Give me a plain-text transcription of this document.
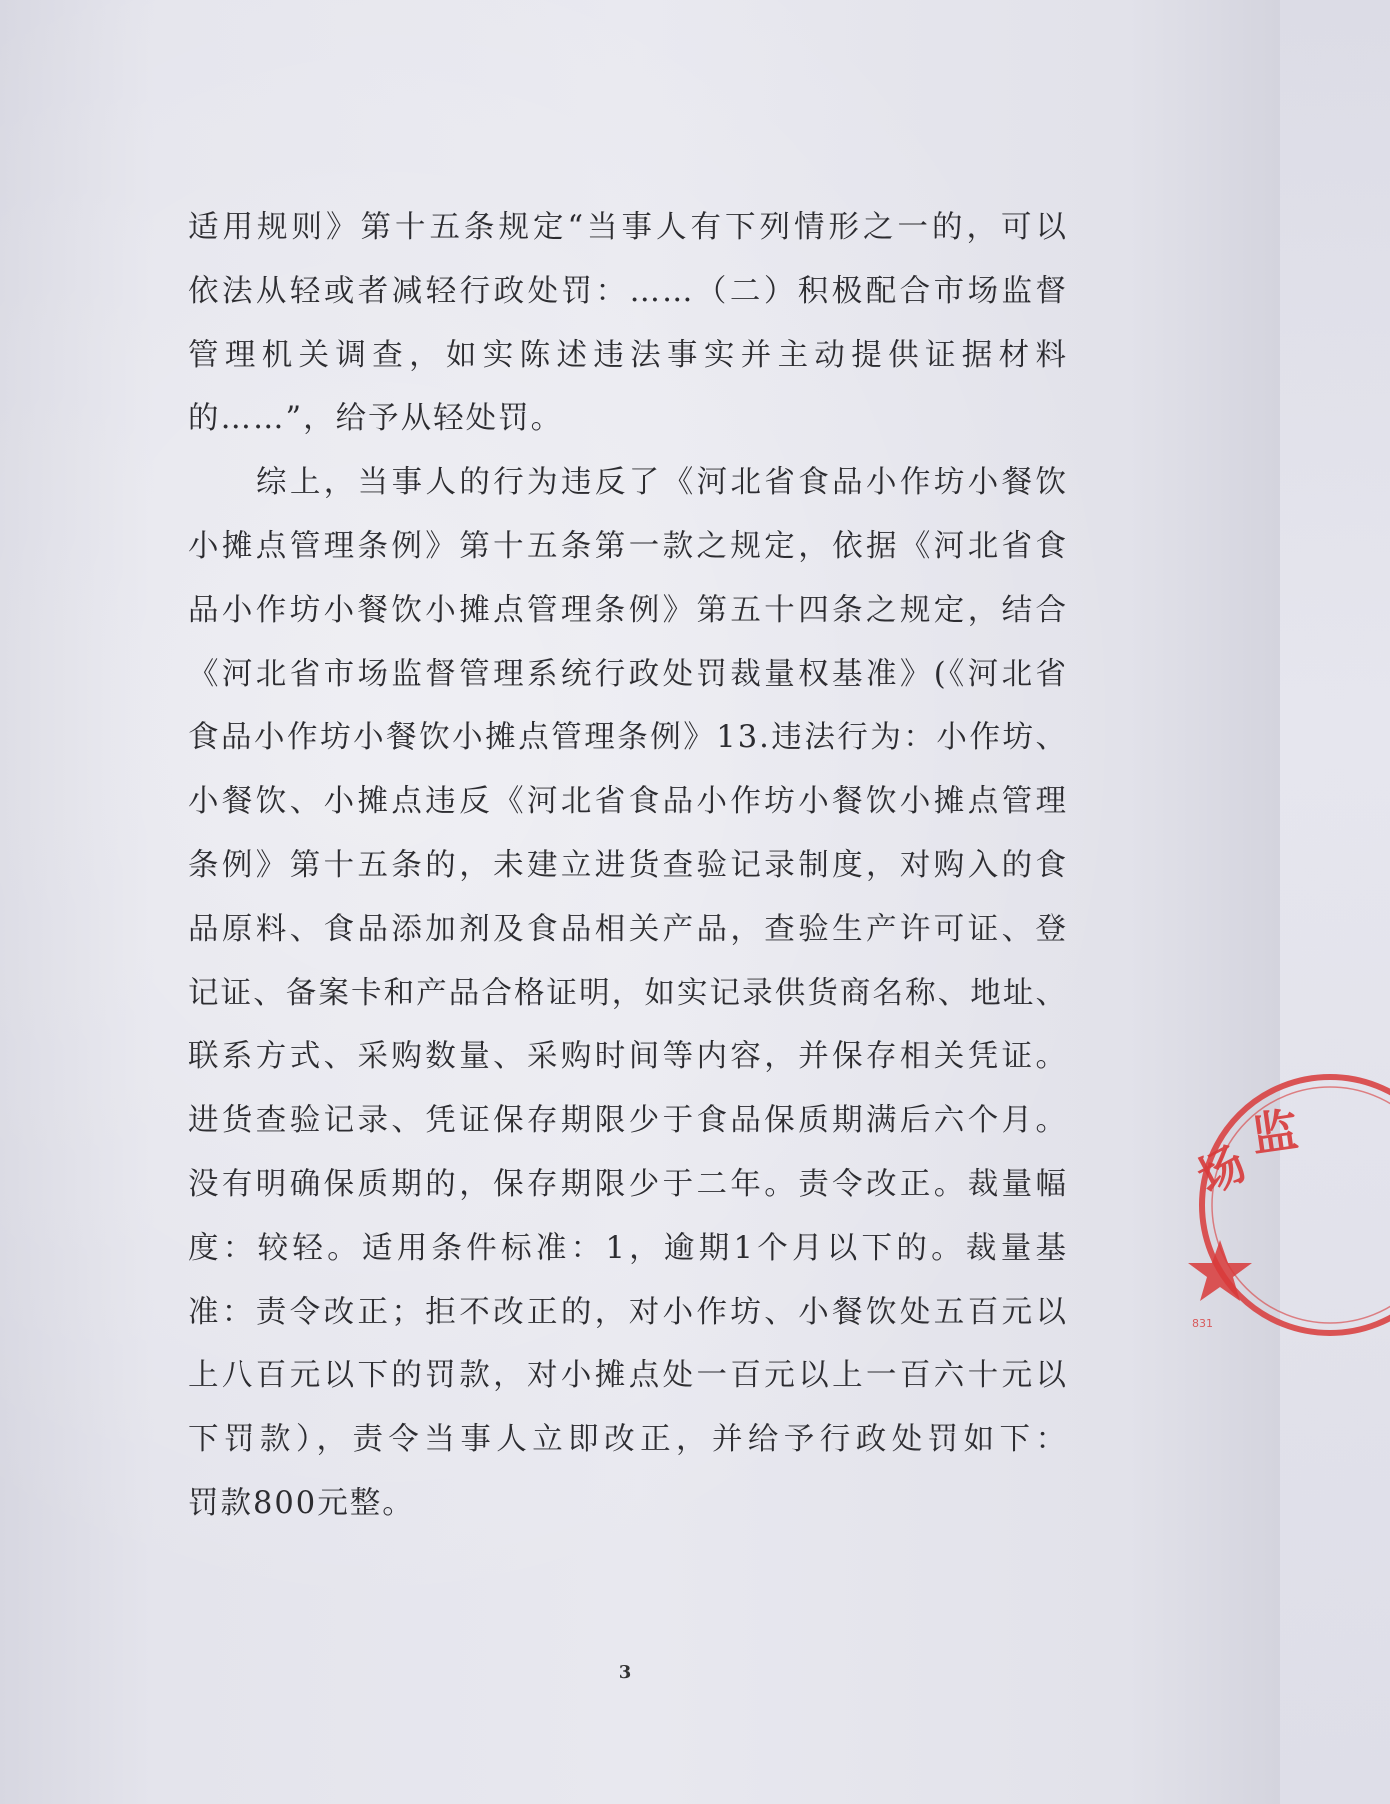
适用规则》第十五条规定“当事人有下列情形之一的，可以
依法从轻或者减轻行政处罚：……（二）积极配合市场监督
管理机关调查，如实陈述违法事实并主动提供证据材料
的……”，给予从轻处罚。
综上，当事人的行为违反了《河北省食品小作坊小餐饮
小摊点管理条例》第十五条第一款之规定，依据《河北省食
品小作坊小餐饮小摊点管理条例》第五十四条之规定，结合
《河北省市场监督管理系统行政处罚裁量权基准》(《河北省
食品小作坊小餐饮小摊点管理条例》13.违法行为：小作坊、
小餐饮、小摊点违反《河北省食品小作坊小餐饮小摊点管理
条例》第十五条的，未建立进货查验记录制度，对购入的食
品原料、食品添加剂及食品相关产品，查验生产许可证、登
记证、备案卡和产品合格证明，如实记录供货商名称、地址、
联系方式、采购数量、采购时间等内容，并保存相关凭证。
进货查验记录、凭证保存期限少于食品保质期满后六个月。
没有明确保质期的，保存期限少于二年。责令改正。裁量幅
度：较轻。适用条件标准：1，逾期1个月以下的。裁量基
准：责令改正；拒不改正的，对小作坊、小餐饮处五百元以
上八百元以下的罚款，对小摊点处一百元以上一百六十元以
下罚款），责令当事人立即改正，并给予行政处罚如下：
罚款800元整。
3
场
监
831
